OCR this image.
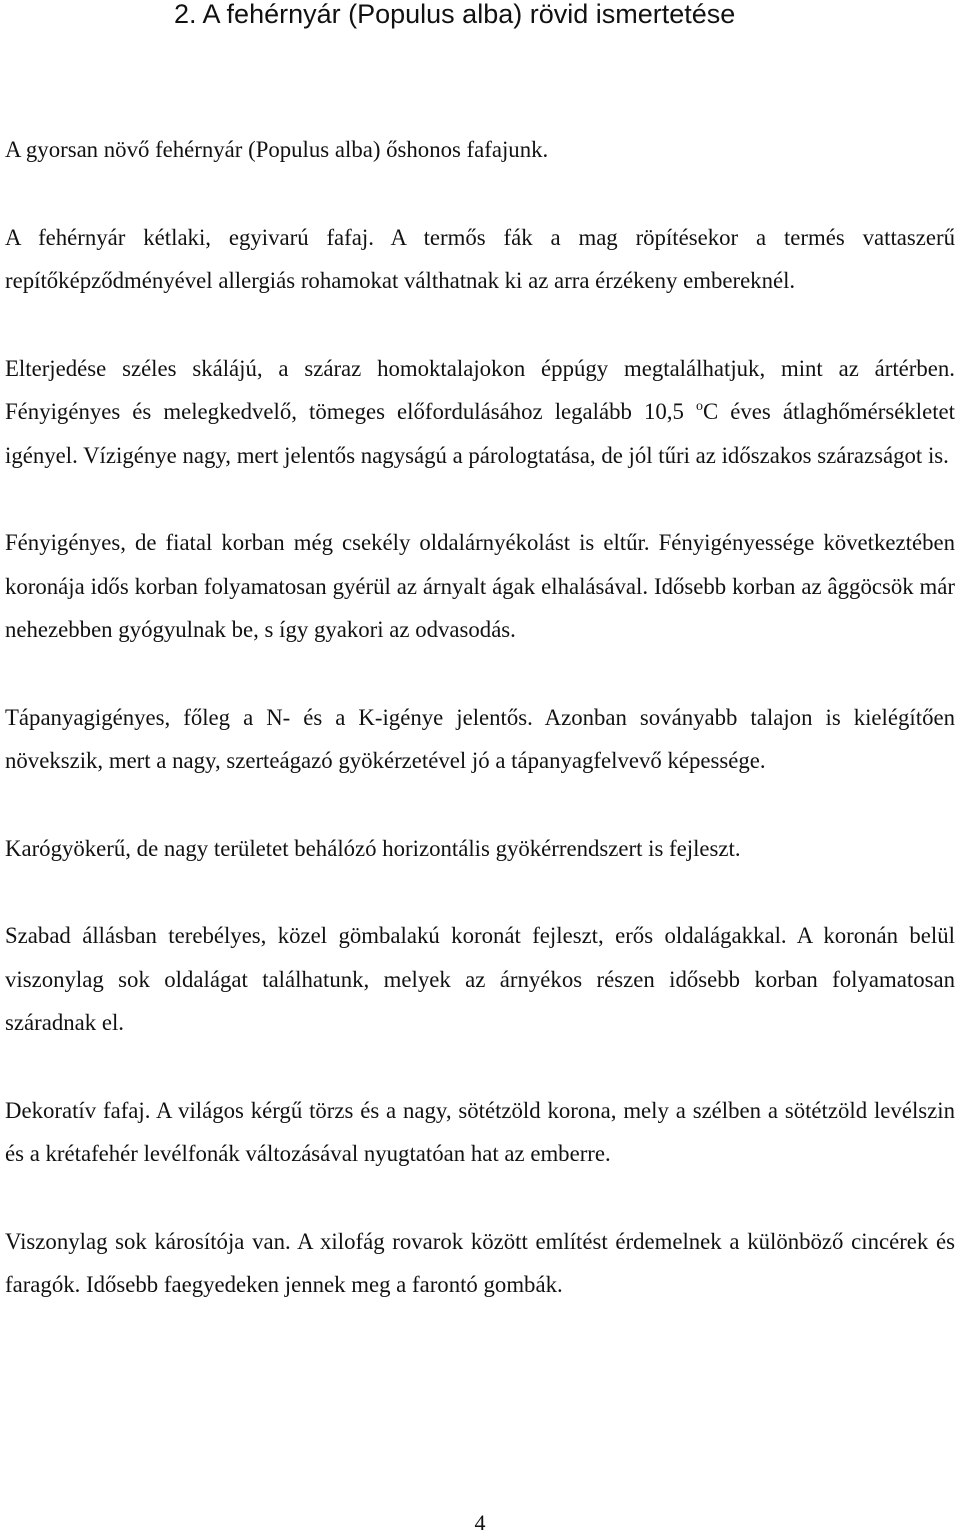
2. A fehérnyár (Populus alba) rövid ismertetése

A gyorsan növő fehérnyár (Populus alba) őshonos fafajunk.

A fehérnyár kétlaki, egyivarú fafaj. A termős fák a mag röpítésekor a termés vattaszerű
repítőképződményével allergiás rohamokat válthatnak ki az arra érzékeny embereknél.

Elterjedése széles skálájú, a száraz homoktalajokon éppúgy megtalálhatjuk, mint az ártérben. Fényigényes és melegkedvelő, tömeges előfordulásához legalább 10,5 $^o$C éves átlaghőmérsékletet igényel. Vízigénye nagy, mert jelentős nagyságú a párologtatása, de jól tűri az időszakos szárazságot is.

Fényigényes, de fiatal korban még csekély oldalárnyékolást is eltűr. Fényigényessége következtében koronája idős korban folyamatosan gyérül az árnyalt ágak elhalásával. Idősebb korban az âggöcsök már nehezebben gyógyulnak be, s így gyakori az odvasodás.

Tápanyagigényes, főleg a N- és a K-igénye jelentős. Azonban soványabb talajon is kielégítően növekszik, mert a nagy, szerteágazó gyökérzetével jó a tápanyagfelvevő képessége.

Karógyökerű, de nagy területet behálózó horizontális gyökérrendszert is fejleszt.

Szabad állásban terebélyes, közel gömbalakú koronát fejleszt, erős oldalágakkal. A koronán belül viszonylag sok oldalágat találhatunk, melyek az árnyékos részen idősebb korban folyamatosan száradnak el.

Dekoratív fafaj. A világos kérgű törzs és a nagy, sötétzöld korona, mely a szélben a sötétzöld levélszin és a krétafehér levélfonák változásával nyugtatóan hat az emberre.

Viszonylag sok károsítója van. A xilofág rovarok között említést érdemelnek a különböző cincérek és faragók. Idősebb faegyedeken jennek meg a farontó gombák.

4
